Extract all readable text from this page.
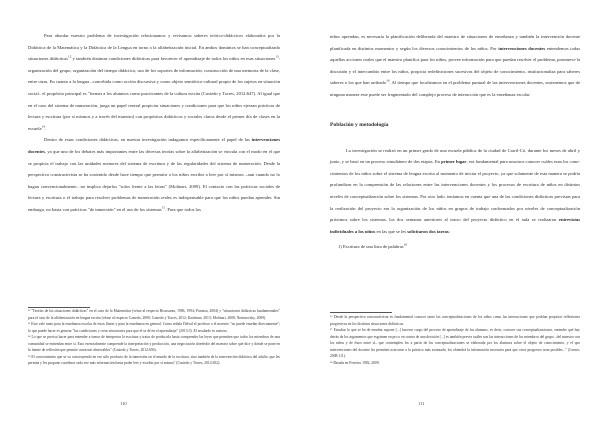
Para abordar nuestro problema de investigación relacionamos y revisamos saberes teórico-didácticos elaborados por la Didáctica de la Matemática y la Didáctica de la Lengua en torno a la alfabetización inicial. En ambos dominios se han conceptualizado situaciones didácticas$^{12}$ y también distintas condiciones didácticas para favorecer el aprendizaje de todos los niños en esas situaciones$^{13}$: organización del grupo, organización del tiempo didáctico, uso de los soportes de información, construcción de una memoria de la clase, entre otras. En cuanto a la lengua –concebida como acción discursiva y como objeto semiótico-cultural propio de los sujetos en situación social– el propósito principal es "formar a los alumnos como practicantes de la cultura escrita (Castedo y Torres, 2012:647). Al igual que en el caso del sistema de numeración, juega un papel central propiciar situaciones y condiciones para que los niños ejerzan prácticas de lectura y escritura (por sí mismos y a través del maestro) con propósitos didácticos y sociales claros desde el primer día de clases en la escuela$^{14}$.

Dentro de estas condiciones didácticas, en nuestra investigación indagamos específicamente el papel de las intervenciones docentes, ya que uno de los debates más importantes entre las diversas teorías sobre la alfabetización se vincula con el modo en el que se propicia el trabajo con las unidades menores del sistema de escritura y de las regularidades del sistema de numeración. Desde la perspectiva constructivista se ha sostenido desde hace tiempo que permitir a los niños escribir a leer por sí mismos –aun cuando no lo hagan convencionalmente– no implica dejarlos "solos frente a las letras" (Molinari, 2009). El contacto con las prácticas sociales de lectura y escritura o el trabajo para resolver problemas de numeración reales es indispensable para que los niños puedan aprender. Sin embargo, no basta con prácticas "de inmersión" en el uso de los sistemas$^{15}$. Para que todos los

¹² "Teorías de las situaciones didácticas" en el caso de la Matemática (véase al respecto Brousseau, 1986, 1994; Panizza, 2004) y "situaciones didácticas fundamentales" para el caso de la alfabetización en lengua escrita (véase al respecto Castedo, 2000; Castedo y Torres, 2012; Kaufman, 2013; Molinari, 2008; Nemirovsky, 2009).
¹³ Esto vale tanto para la enseñanza escolar de estos líneas y para la enseñanza en general. Como señala Delval el profesor o el maestro "no puede enseñar directamente"; lo que puede hacer es generar "las condiciones y crear situaciones para que el se dé en el aprendizaje" (2013:5). El resaltado es nuestro.
¹⁴ Lo que se precisa hacer para entender a tomar de interpretar la escritura y tratar de producirla hasta comprender las leyes que permiten que todos los miembros de una comunidad se entiendan entre sí. Esto esencialmente comprende la interpretación y producción, una negociación alrededor del maestro sobre qué dice y dónde se pone en la fuente de reflexión que permite construir observables" (Castedo y Torres, 2012:656).
¹⁵ El conocimiento que se va construyendo en ese sólo producto de la inmersión en el mundo de la escritura, sino también de la intervención didáctica del adulto, que les permita y les propone coordinar cada vez más información hasta poder leer y escribir por sí mismo" (Castedo y Torres, 2012:652).
110

niños aprendan, es necesaria la planificación deliberada del maestro de situaciones de enseñanza y también la intervención docente planificada en distintos momentos y según los diversos conocimientos de los niños. Por intervenciones docentes entendemos todas aquellas acciones orales que el maestro planifica para los niños, provee información para que puedan resolver el problema, promueve la discusión y el intercambio entre los niños, propicia redefiniciones sucesivas del objeto de conocimiento, institucionaliza para saberes saberes o los que han arribado$^{16}$. Al tiempo que focalizamos en el problema puntual de las intervenciones docentes, sostenemos que de ninguna manera este puede ser fragmentado del complejo proceso de interacción que es la enseñanza escolar.

Población y metodología

La investigación se realizó en un primer grado de una escuela pública de la ciudad de Carril-Có, durante los meses de abril y junio, y se basó en un proceso simultáneo de dos etapas. En primer lugar, era fundamental para nosotros conocer cuáles eran los conocimientos de los niños sobre el sistema de lengua escrita al momento de iniciar el proyecto, ya que solamente de esta manera se podría profundizar en la comprensión de las relaciones entre las intervenciones docentes y los procesos de escritura de niños en distintos niveles de conceptualización sobre los sistemas. Por otro lado, teníamos en cuenta que una de las condiciones didácticas previstas para la realización del proyecto era la organización de los niños en grupos de trabajo conformados por niveles de conceptualización próximos sobre los sistemas, los dos semanas anteriores al inicio del proyecto didáctico en el aula se realizaron entrevistas individuales a los niños en las que se les solicitaron dos tareas:

1) Escritura de una lista de palabras$^{16}$

¹⁶ Desde la perspectiva constructivista es fundamental conocer tanto las conceptualizaciones de los niños como las interacciones que podrían propiciar reflexiones progresivas en los distintos situaciones didácticas.
¹⁷ Estudiar lo que se ha de enseñar supone [...] hacerse cargo del proceso de aprendizaje de los alumnos, es decir, conocer sus conceptualizaciones, entender qué hay detrás de los argumentos que esgrimen en pro o en contra de una decisión [...] es también prever cuáles son las interacciones de los miembros del grupo –del maestro con los niños y de éstos entre sí– que contemplen los a partir de los conceptualizaciones se elaborada por los alumnos sobre el objeto de conocimiento, y el que intervenciones del docente les permiten acercarse a la práctica más avanzada, los obtendrá la información necesaria para que otros progresos sean posibles..." (Lerner, 2008:111).
¹⁸ Basada en Ferreiro 1982, 2009.
111
